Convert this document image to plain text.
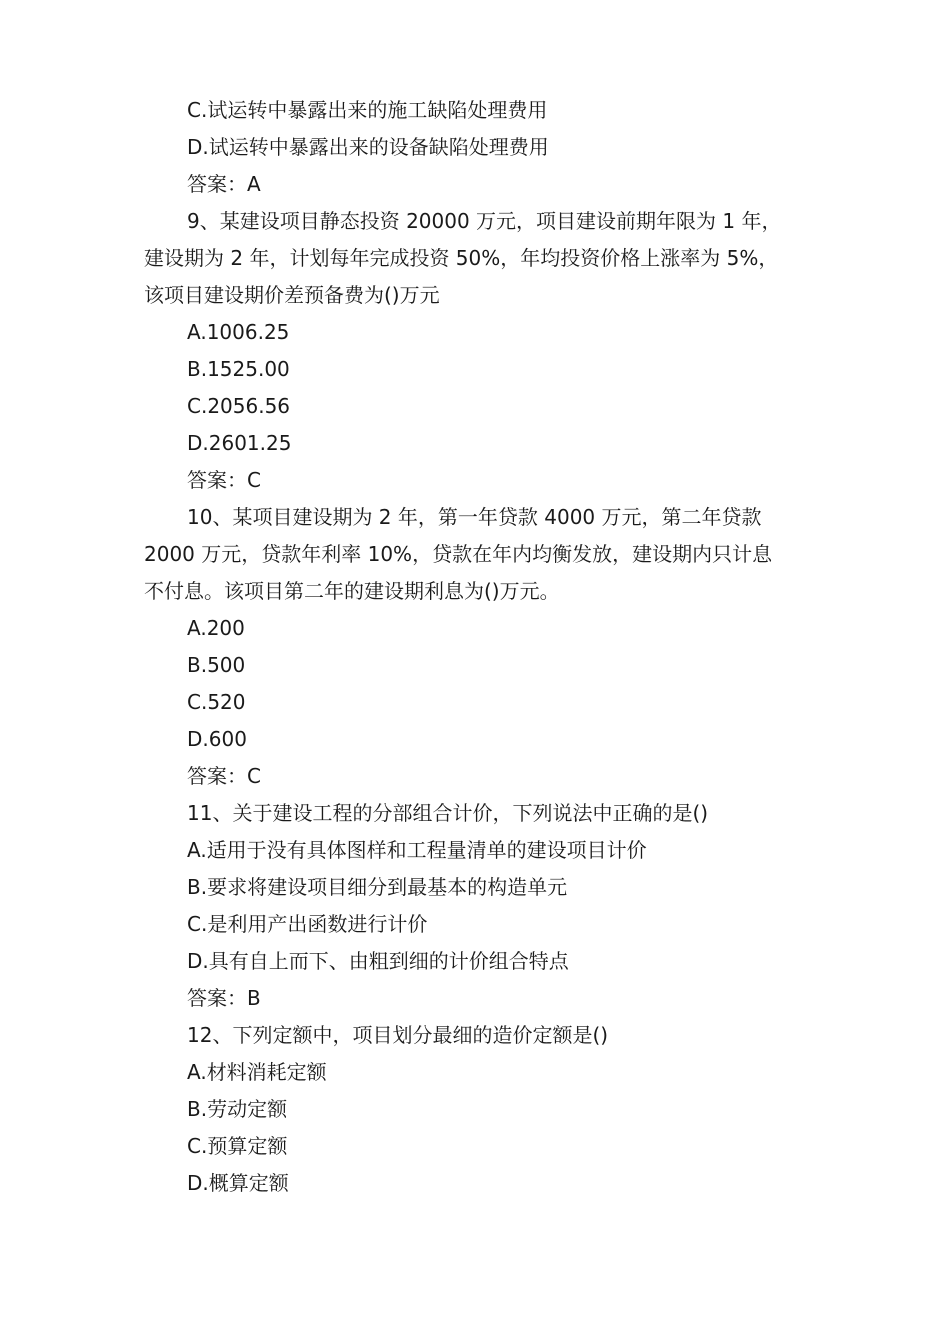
C.试运转中暴露出来的施工缺陷处理费用
D.试运转中暴露出来的设备缺陷处理费用
答案：A
9、某建设项目静态投资 20000 万元，项目建设前期年限为 1 年，
建设期为 2 年，计划每年完成投资 50%，年均投资价格上涨率为 5%，
该项目建设期价差预备费为()万元
A.1006.25
B.1525.00
C.2056.56
D.2601.25
答案：C
10、某项目建设期为 2 年，第一年贷款 4000 万元，第二年贷款
2000 万元，贷款年利率 10%，贷款在年内均衡发放，建设期内只计息
不付息。该项目第二年的建设期利息为()万元。
A.200
B.500
C.520
D.600
答案：C
11、关于建设工程的分部组合计价，下列说法中正确的是()
A.适用于没有具体图样和工程量清单的建设项目计价
B.要求将建设项目细分到最基本的构造单元
C.是利用产出函数进行计价
D.具有自上而下、由粗到细的计价组合特点
答案：B
12、下列定额中，项目划分最细的造价定额是()
A.材料消耗定额
B.劳动定额
C.预算定额
D.概算定额
